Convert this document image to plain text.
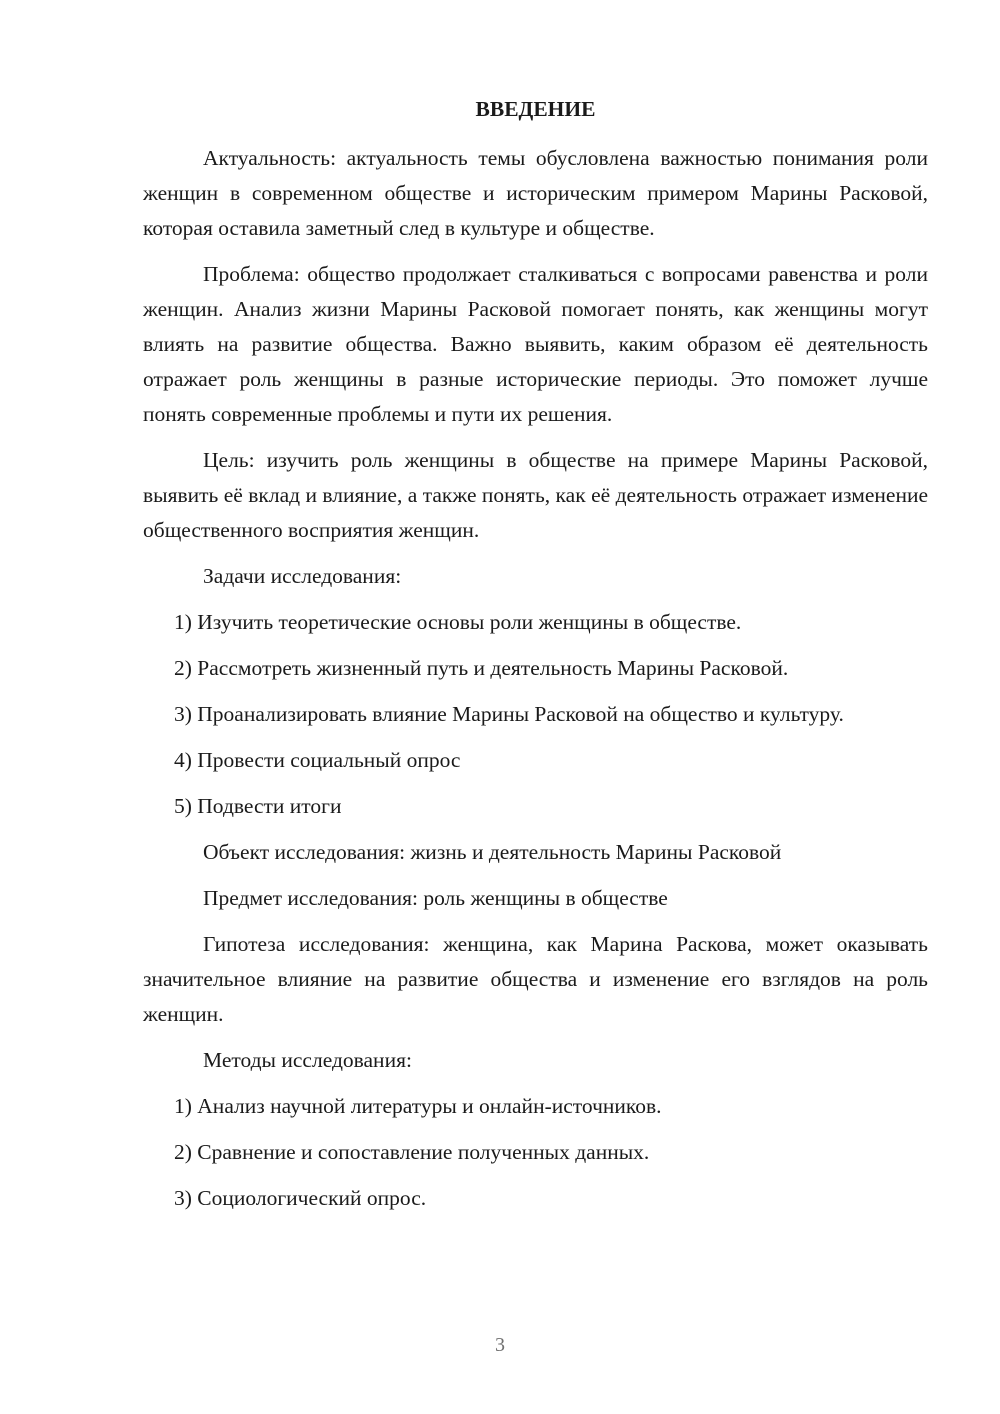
ВВЕДЕНИЕ

Актуальность: актуальность темы обусловлена важностью понимания роли женщин в современном обществе и историческим примером Марины Расковой, которая оставила заметный след в культуре и обществе.

Проблема: общество продолжает сталкиваться с вопросами равенства и роли женщин. Анализ жизни Марины Расковой помогает понять, как женщины могут влиять на развитие общества. Важно выявить, каким образом её деятельность отражает роль женщины в разные исторические периоды. Это поможет лучше понять современные проблемы и пути их решения.

Цель: изучить роль женщины в обществе на примере Марины Расковой, выявить её вклад и влияние, а также понять, как её деятельность отражает изменение общественного восприятия женщин.

Задачи исследования:

1) Изучить теоретические основы роли женщины в обществе.

2) Рассмотреть жизненный путь и деятельность Марины Расковой.

3) Проанализировать влияние Марины Расковой на общество и культуру.

4) Провести социальный опрос

5) Подвести итоги

Объект исследования: жизнь и деятельность Марины Расковой

Предмет исследования: роль женщины в обществе

Гипотеза исследования: женщина, как Марина Раскова, может оказывать значительное влияние на развитие общества и изменение его взглядов на роль женщин.

Методы исследования:

1) Анализ научной литературы и онлайн-источников.

2) Сравнение и сопоставление полученных данных.

3) Социологический опрос.

3
